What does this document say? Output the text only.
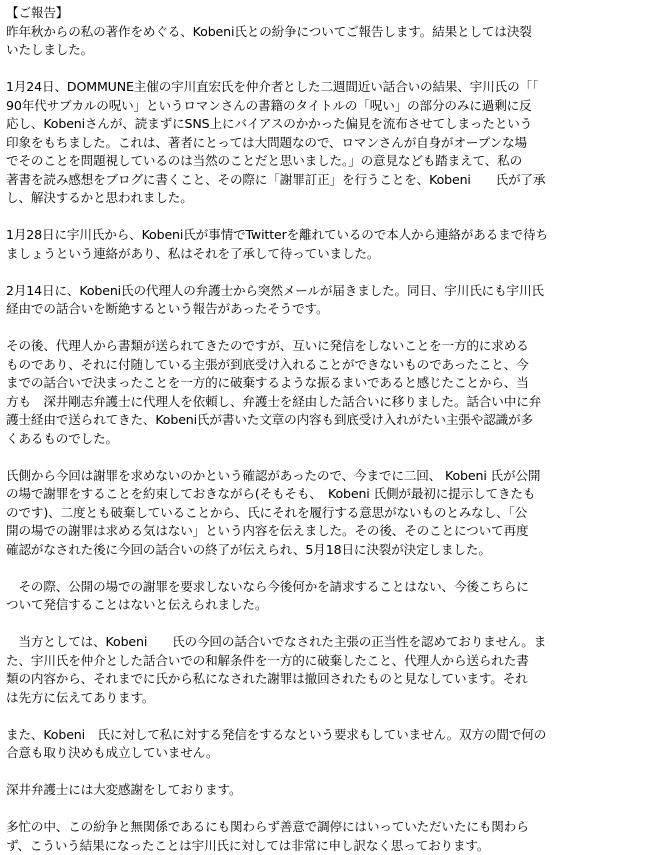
【ご報告】
昨年秋からの私の著作をめぐる、Kobeni氏との紛争についてご報告します。結果としては決裂
いたしました。
1月24日、DOMMUNE主催の宇川直宏氏を仲介者とした二週間近い話合いの結果、宇川氏の「「
90年代サブカルの呪い」というロマンさんの書籍のタイトルの「呪い」の部分のみに過剰に反
応し、Kobeniさんが、読まずにSNS上にバイアスのかかった偏見を流布させてしまったという
印象をもちました。これは、著者にとっては大問題なので、ロマンさんが自身がオープンな場
でそのことを問題視しているのは当然のことだと思いました。」の意見なども踏まえて、私の
著書を読み感想をブログに書くこと、その際に「謝罪訂正」を行うことを、Kobeni　　氏が了承
し、解決するかと思われました。
1月28日に宇川氏から、Kobeni氏が事情でTwitterを離れているので本人から連絡があるまで待ち
ましょうという連絡があり、私はそれを了承して待っていました。
2月14日に、Kobeni氏の代理人の弁護士から突然メールが届きました。同日、宇川氏にも宇川氏
経由での話合いを断絶するという報告があったそうです。
その後、代理人から書類が送られてきたのですが、互いに発信をしないことを一方的に求める
ものであり、それに付随している主張が到底受け入れることができないものであったこと、今
までの話合いで決まったことを一方的に破棄するような振るまいであると感じたことから、当
方も　深井剛志弁護士に代理人を依頼し、弁護士を経由した話合いに移りました。話合い中に弁
護士経由で送られてきた、Kobeni氏が書いた文章の内容も到底受け入れがたい主張や認識が多
くあるものでした。
氏側から今回は謝罪を求めないのかという確認があったので、今までに二回、 Kobeni 氏が公開
の場で謝罪をすることを約束しておきながら(そもそも、　Kobeni 氏側が最初に提示してきたも
のです)、二度とも破棄していることから、氏にそれを履行する意思がないものとみなし、「公
開の場での謝罪は求める気はない」という内容を伝えました。その後、そのことについて再度
確認がなされた後に今回の話合いの終了が伝えられ、5月18日に決裂が決定しました。
　その際、公開の場での謝罪を要求しないなら今後何かを請求することはない、今後こちらに
ついて発信することはないと伝えられました。
　当方としては、Kobeni　　氏の今回の話合いでなされた主張の正当性を認めておりません。ま
た、宇川氏を仲介とした話合いでの和解条件を一方的に破棄したこと、代理人から送られた書
類の内容から、それまでに氏から私になされた謝罪は撤回されたものと見なしています。それ
は先方に伝えてあります。
また、Kobeni　氏に対して私に対する発信をするなという要求もしていません。双方の間で何の
合意も取り決めも成立していません。
深井弁護士には大変感謝をしております。
多忙の中、この紛争と無関係であるにも関わらず善意で調停にはいっていただいたにも関わら
ず、こういう結果になったことは宇川氏に対しては非常に申し訳なく思っております。
